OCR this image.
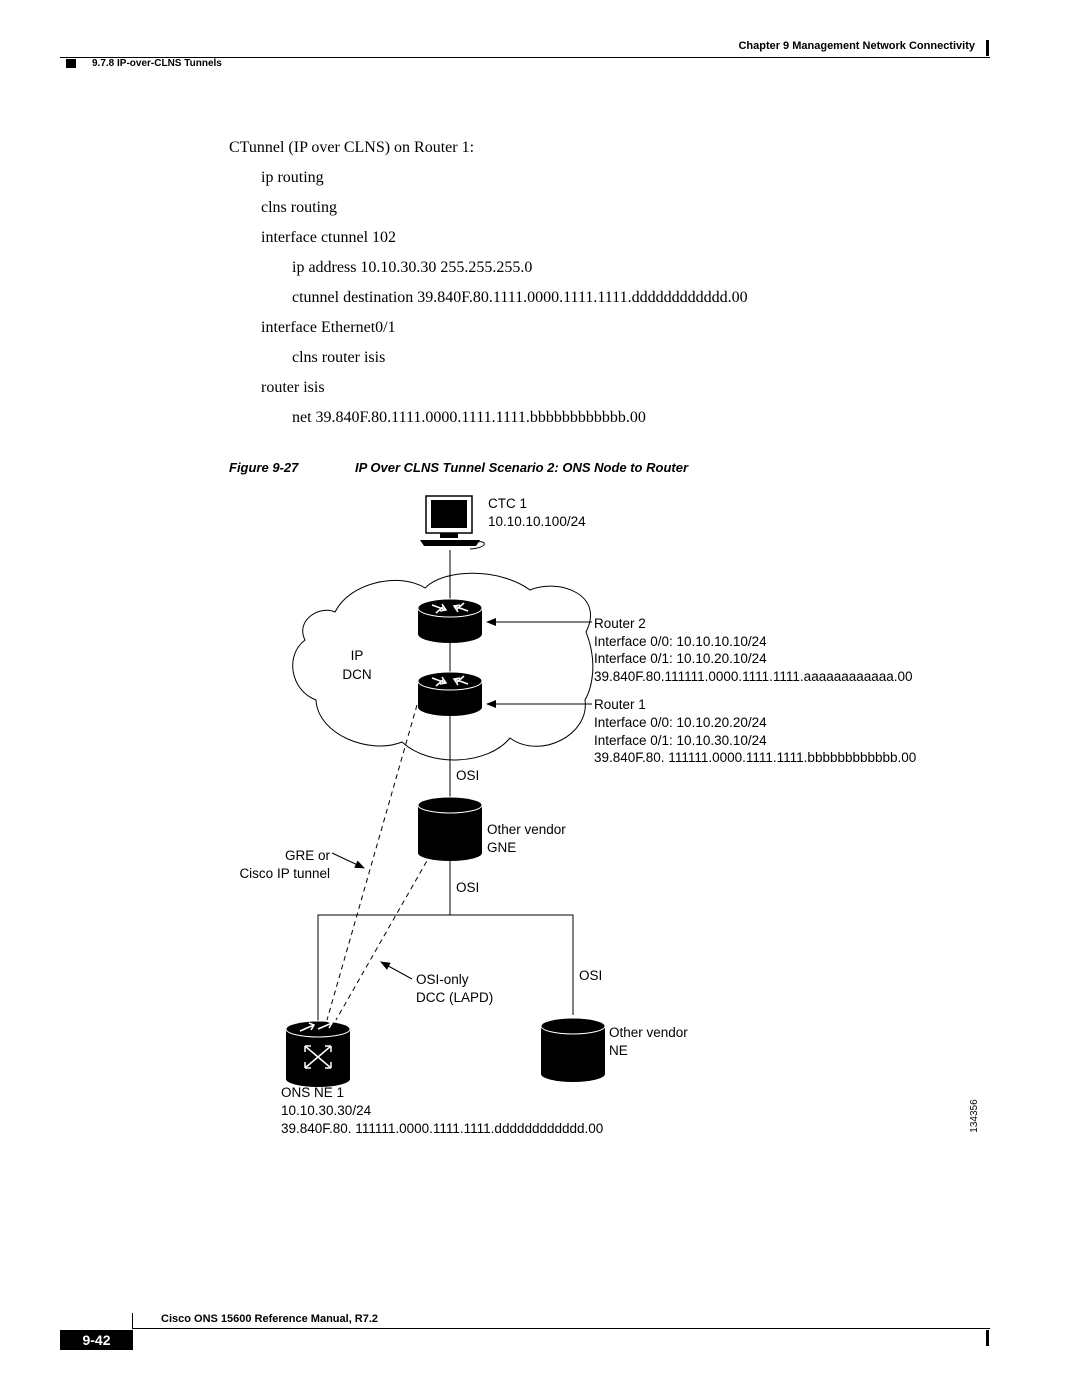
Chapter 9 Management Network Connectivity
9.7.8 IP-over-CLNS Tunnels
CTunnel (IP over CLNS) on Router 1:
ip routing
clns routing
interface ctunnel 102
ip address 10.10.30.30 255.255.255.0
ctunnel destination 39.840F.80.1111.0000.1111.1111.dddddddddddd.00
interface Ethernet0/1
clns router isis
router isis
net 39.840F.80.1111.0000.1111.1111.bbbbbbbbbbbb.00
Figure 9-27	IP Over CLNS Tunnel Scenario 2: ONS Node to Router
CTC 1
10.10.10.100/24
IP
DCN
Router 2
Interface 0/0: 10.10.10.10/24
Interface 0/1: 10.10.20.10/24
39.840F.80.111111.0000.1111.1111.aaaaaaaaaaaa.00
Router 1
Interface 0/0: 10.10.20.20/24
Interface 0/1: 10.10.30.10/24
39.840F.80. 111111.0000.1111.1111.bbbbbbbbbbbb.00
OSI
Other vendor
GNE
OSI
GRE or
Cisco IP tunnel
OSI-only
DCC (LAPD)
OSI
Other vendor
NE
ONS NE 1
10.10.30.30/24
39.840F.80. 111111.0000.1111.1111.dddddddddddd.00	134356
Cisco ONS 15600 Reference Manual, R7.2
9-42
